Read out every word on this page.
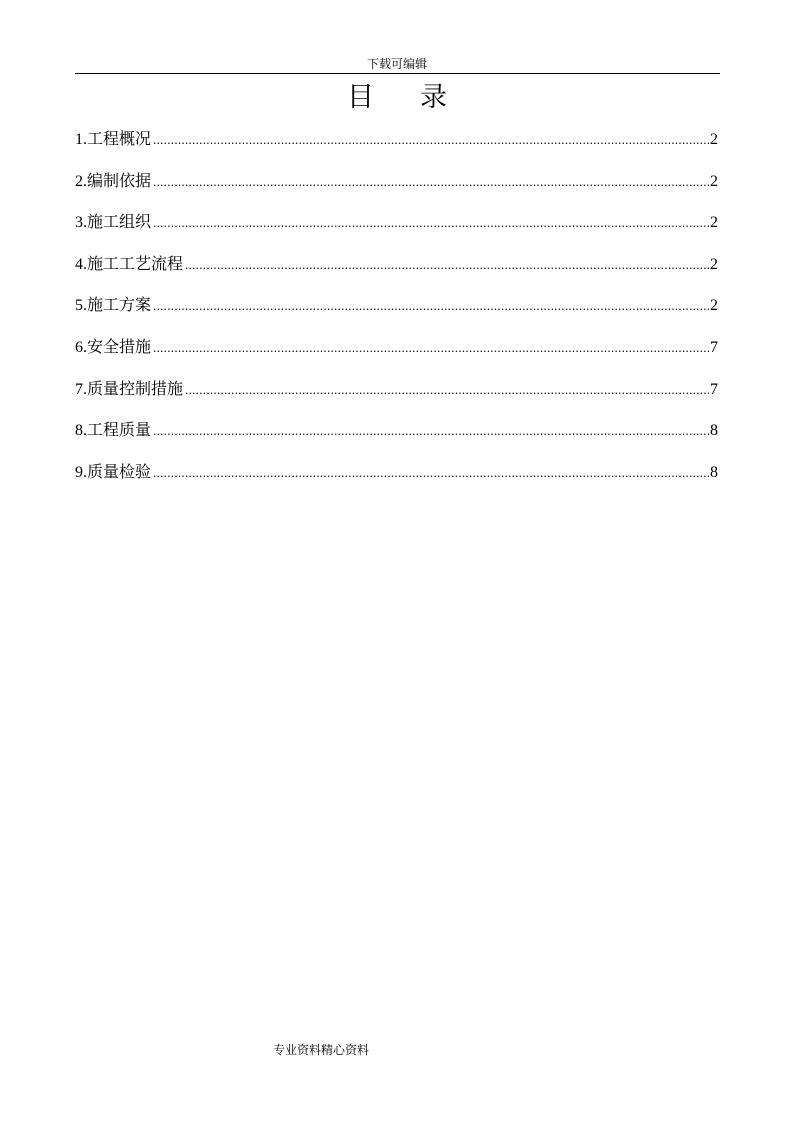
下载可编辑
目录
1.工程概况 .....	2
2.编制依据 .....	2
3.施工组织 .....	2
4.施工工艺流程 .....	2
5.施工方案 .....	2
6.安全措施 .....	7
7.质量控制措施 .....	7
8.工程质量 .....	8
9.质量检验 .....	8
专业资料精心资料
